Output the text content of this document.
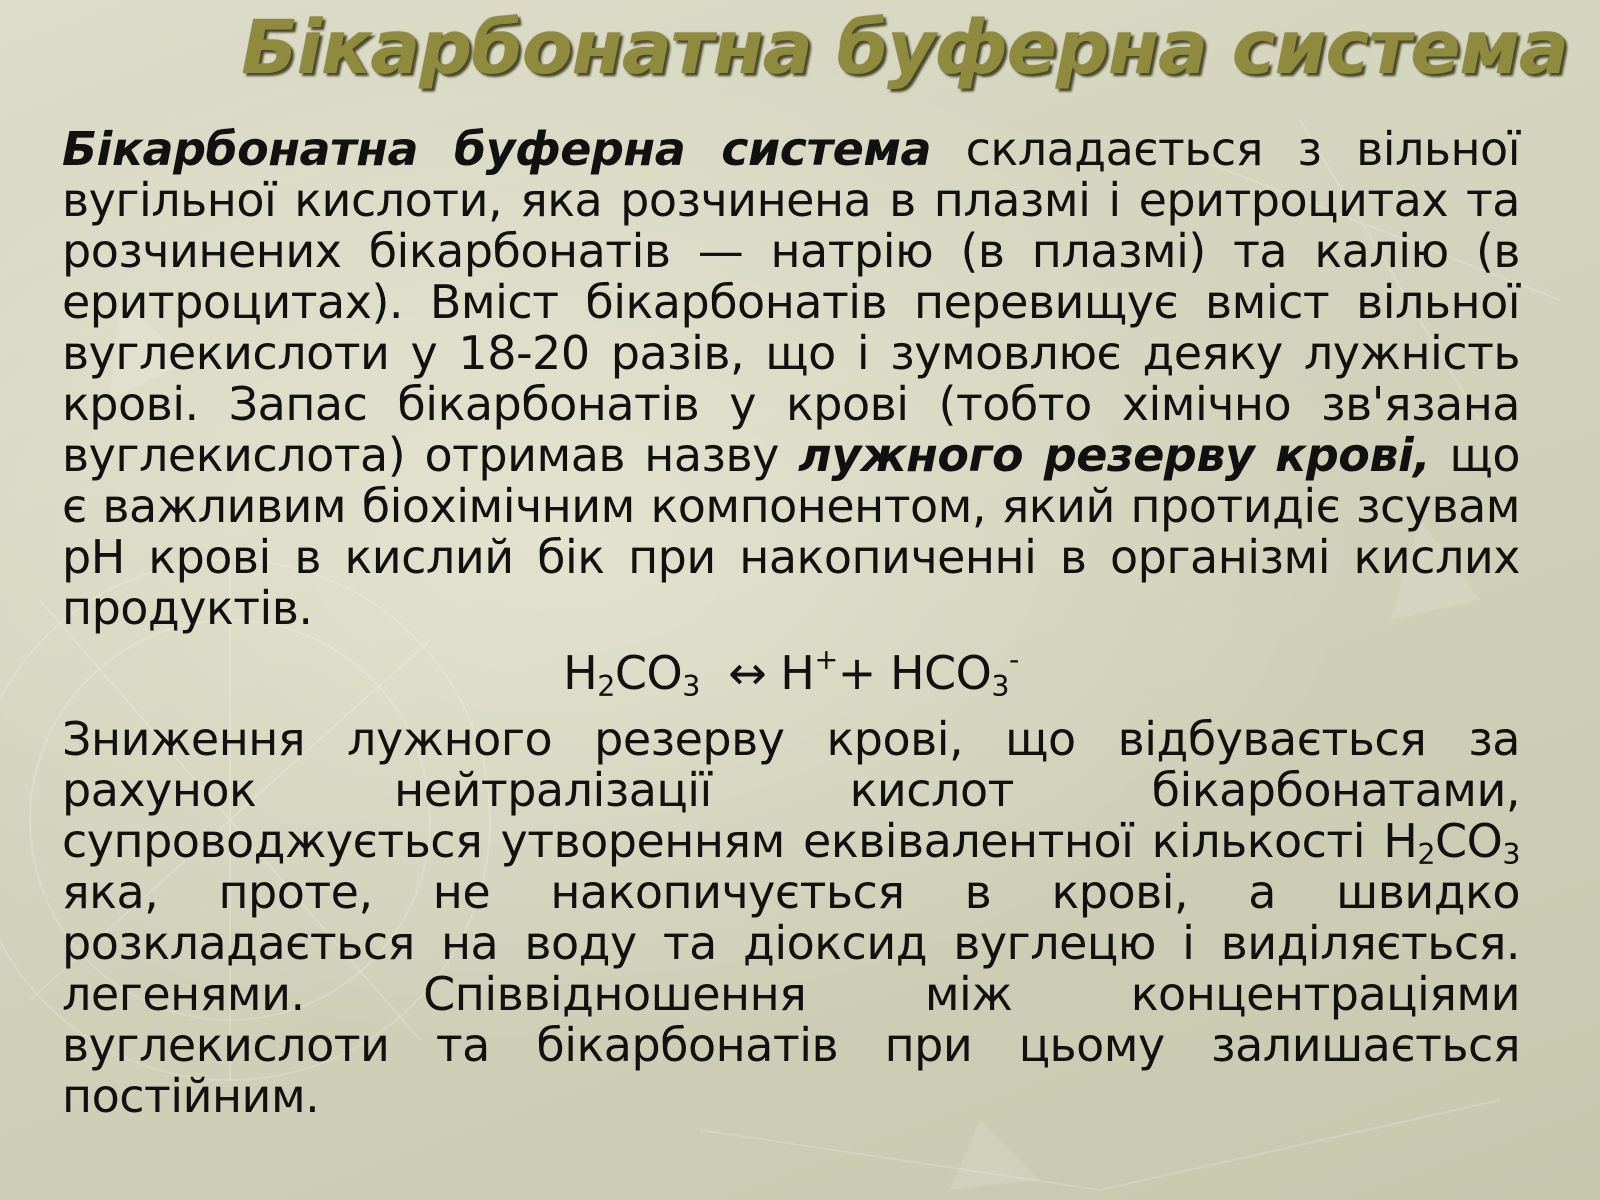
Бікарбонатна буферна система

Бікарбонатна буферна система складається з вільної вугільної кислоти, яка розчинена в плазмі і еритроцитах та розчинених бікарбонатів — натрію (в плазмі) та калію (в еритроцитах). Вміст бікарбонатів перевищує вміст вільної вуглекислоти у 18-20 разів, що і зумовлює деяку лужність крові. Запас бікарбонатів у крові (тобто хімічно зв'язана вуглекислота) отримав назву лужного резерву крові, що є важливим біохімічним компонентом, який протидіє зсувам рН крові в кислий бік при накопиченні в організмі кислих продуктів.

$H_2CO_3$ ↔ $H^++ HCO_3^-$

Зниження лужного резерву крові, що відбувається за рахунок нейтралізації кислот бікарбонатами, супроводжується утворенням еквівалентної кількості $H_2CO_3$ яка, проте, не накопичується в крові, а швидко розкладається на воду та діоксид вуглецю і виділяється. легенями. Співвідношення між концентраціями вуглекислоти та бікарбонатів при цьому залишається постійним.
